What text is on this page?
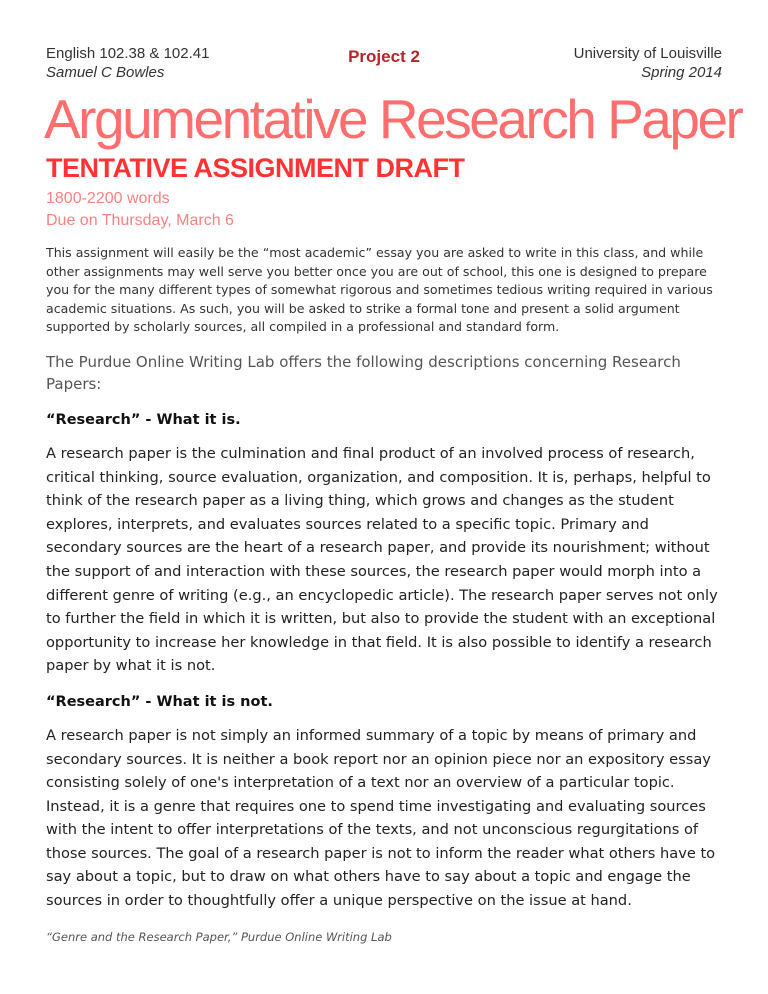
English 102.38 & 102.41
Samuel C Bowles
Project 2	University of Louisville
Spring 2014
Argumentative Research Paper
TENTATIVE ASSIGNMENT DRAFT
1800-2200 words
Due on Thursday, March 6

This assignment will easily be the “most academic” essay you are asked to write in this class, and while other assignments may well serve you better once you are out of school, this one is designed to prepare you for the many different types of somewhat rigorous and sometimes tedious writing required in various academic situations. As such, you will be asked to strike a formal tone and present a solid argument supported by scholarly sources, all compiled in a professional and standard form.

The Purdue Online Writing Lab offers the following descriptions concerning Research Papers:

“Research” - What it is.

A research paper is the culmination and final product of an involved process of research, critical thinking, source evaluation, organization, and composition. It is, perhaps, helpful to think of the research paper as a living thing, which grows and changes as the student explores, interprets, and evaluates sources related to a specific topic. Primary and secondary sources are the heart of a research paper, and provide its nourishment; without the support of and interaction with these sources, the research paper would morph into a different genre of writing (e.g., an encyclopedic article). The research paper serves not only to further the field in which it is written, but also to provide the student with an exceptional opportunity to increase her knowledge in that field. It is also possible to identify a research paper by what it is not.

“Research” - What it is not.

A research paper is not simply an informed summary of a topic by means of primary and secondary sources. It is neither a book report nor an opinion piece nor an expository essay consisting solely of one's interpretation of a text nor an overview of a particular topic. Instead, it is a genre that requires one to spend time investigating and evaluating sources with the intent to offer interpretations of the texts, and not unconscious regurgitations of those sources. The goal of a research paper is not to inform the reader what others have to say about a topic, but to draw on what others have to say about a topic and engage the sources in order to thoughtfully offer a unique perspective on the issue at hand.

“Genre and the Research Paper,” Purdue Online Writing Lab
